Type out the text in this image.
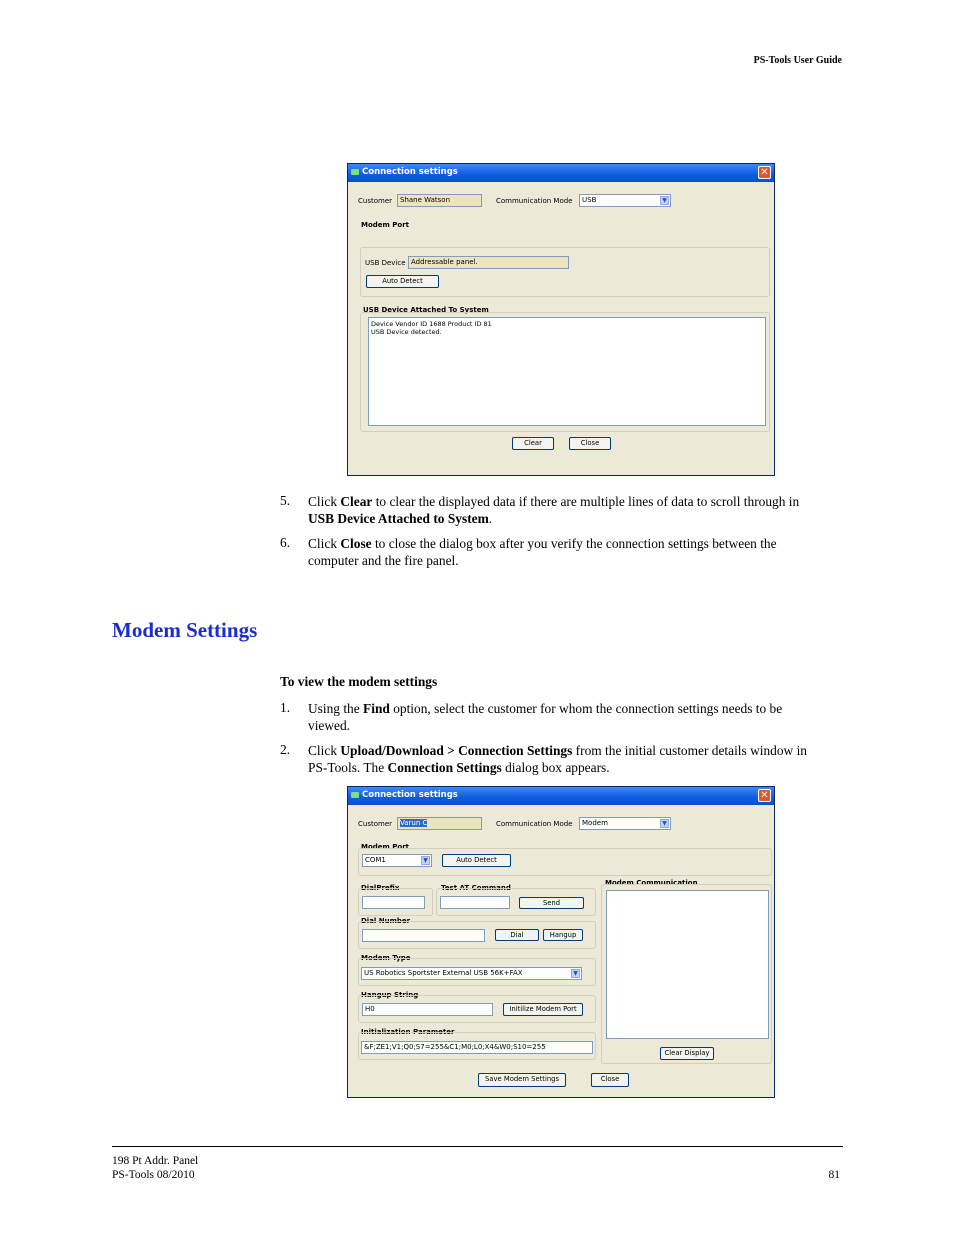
PS-Tools User Guide
Connection settings	✕
Customer	Shane Watson	Communication Mode	USB	▼
Modem Port
USB Device Addressable panel.
Auto Detect
USB Device Attached To System
Device Vendor ID 1688 Product ID 81
USB Device detected.
Clear	Close
5. Click Clear to clear the displayed data if there are multiple lines of data to scroll through in
USB Device Attached to System.
6. Click Close to close the dialog box after you verify the connection settings between the
computer and the fire panel.
Modem Settings
To view the modem settings
1. Using the Find option, select the customer for whom the connection settings needs to be
viewed.
2. Click Upload/Download > Connection Settings from the initial customer details window in
PS-Tools. The Connection Settings dialog box appears.
Connection settings	✕
Customer	Varun C	Communication Mode	Modem	▼
Modem Port
COM1	▼	Auto Detect
DialPrefix	Test AT Command
Send
Dial Number
Dial	Hangup
Modem Type
US Robotics Sportster External USB 56K+FAX	▼
Hangup String
H0	Initilize Modem Port
Initialization Parameter
&F;ZE1;V1;Q0;S7=255&C1;M0;L0;X4&W0;S10=255
Modem Communication
Clear Display
Save Modem Settings	Close
198 Pt Addr. Panel
PS-Tools 08/2010	81
